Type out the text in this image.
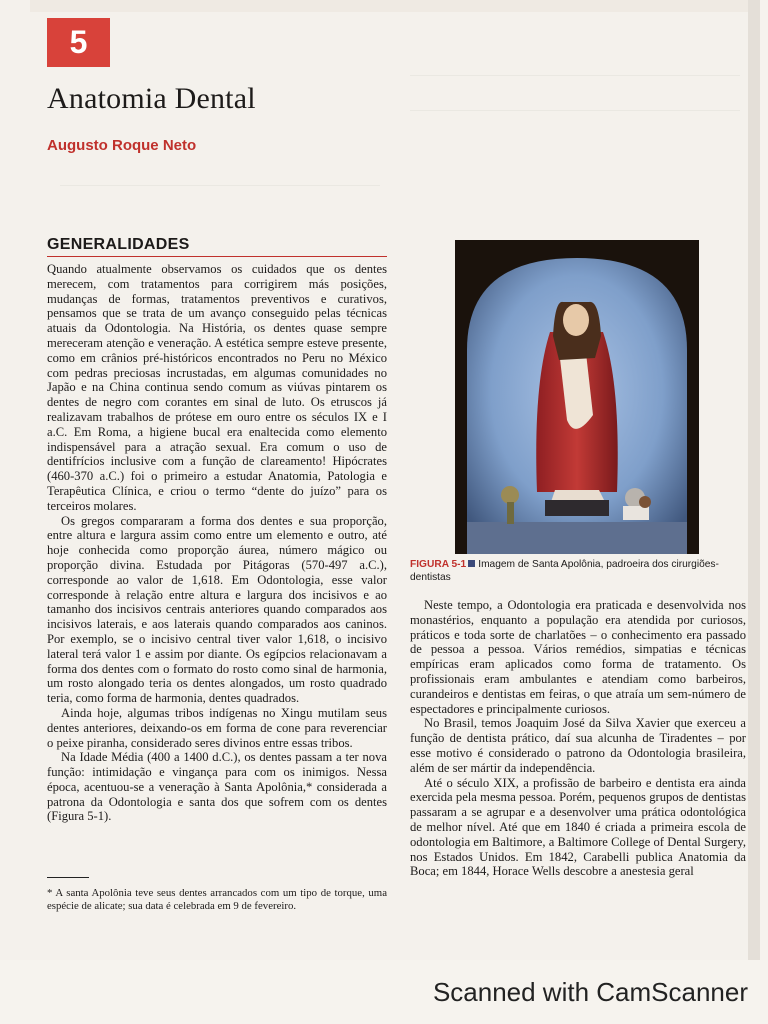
5
Anatomia Dental
Augusto Roque Neto
GENERALIDADES

Quando atualmente observamos os cuidados que os dentes merecem, com tratamentos para corrigirem más posições, mudanças de formas, tratamentos preventivos e curativos, pensamos que se trata de um avanço conseguido pelas técnicas atuais da Odontologia. Na História, os dentes quase sempre mereceram atenção e veneração. A estética sempre esteve presente, como em crânios pré-históricos encontrados no Peru no México com pedras preciosas incrustadas, em algumas comunidades no Japão e na China continua sendo comum as viúvas pintarem os dentes de negro com corantes em sinal de luto. Os etruscos já realizavam trabalhos de prótese em ouro entre os séculos IX e I a.C. Em Roma, a higiene bucal era enaltecida como elemento indispensável para a atração sexual. Era comum o uso de dentifrícios inclusive com a função de clareamento! Hipócrates (460-370 a.C.) foi o primeiro a estudar Anatomia, Patologia e Terapêutica Clínica, e criou o termo “dente do juízo” para os terceiros molares.

Os gregos compararam a forma dos dentes e sua proporção, entre altura e largura assim como entre um elemento e outro, até hoje conhecida como proporção áurea, número mágico ou proporção divina. Estudada por Pitágoras (570-497 a.C.), corresponde ao valor de 1,618. Em Odontologia, esse valor corresponde à relação entre altura e largura dos incisivos e ao tamanho dos incisivos centrais anteriores quando comparados aos incisivos laterais, e aos laterais quando comparados aos caninos. Por exemplo, se o incisivo central tiver valor 1,618, o incisivo lateral terá valor 1 e assim por diante. Os egípcios relacionavam a forma dos dentes com o formato do rosto como sinal de harmonia, um rosto alongado teria os dentes alongados, um rosto quadrado teria, como forma de harmonia, dentes quadrados.

Ainda hoje, algumas tribos indígenas no Xingu mutilam seus dentes anteriores, deixando-os em forma de cone para reverenciar o peixe piranha, considerado seres divinos entre essas tribos.

Na Idade Média (400 a 1400 d.C.), os dentes passam a ter nova função: intimidação e vingança para com os inimigos. Nessa época, acentuou-se a veneração à Santa Apolônia,* considerada a patrona da Odontologia e santa dos que sofrem com os dentes (Figura 5-1).

* A santa Apolônia teve seus dentes arrancados com um tipo de torque, uma espécie de alicate; sua data é celebrada em 9 de fevereiro.
FIGURA 5-1 Imagem de Santa Apolônia, padroeira dos cirurgiões-dentistas

Neste tempo, a Odontologia era praticada e desenvolvida nos monastérios, enquanto a população era atendida por curiosos, práticos e toda sorte de charlatões – o conhecimento era passado de pessoa a pessoa. Vários remédios, simpatias e técnicas empíricas eram aplicados como forma de tratamento. Os profissionais eram ambulantes e atendiam como barbeiros, curandeiros e dentistas em feiras, o que atraía um sem-número de espectadores e principalmente curiosos.

No Brasil, temos Joaquim José da Silva Xavier que exerceu a função de dentista prático, daí sua alcunha de Tiradentes – por esse motivo é considerado o patrono da Odontologia brasileira, além de ser mártir da independência.

Até o século XIX, a profissão de barbeiro e dentista era ainda exercida pela mesma pessoa. Porém, pequenos grupos de dentistas passaram a se agrupar e a desenvolver uma prática odontológica de melhor nível. Até que em 1840 é criada a primeira escola de odontologia em Baltimore, a Baltimore College of Dental Surgery, nos Estados Unidos. Em 1842, Carabelli publica Anatomia da Boca; em 1844, Horace Wells descobre a anestesia geral

Scanned with CamScanner
